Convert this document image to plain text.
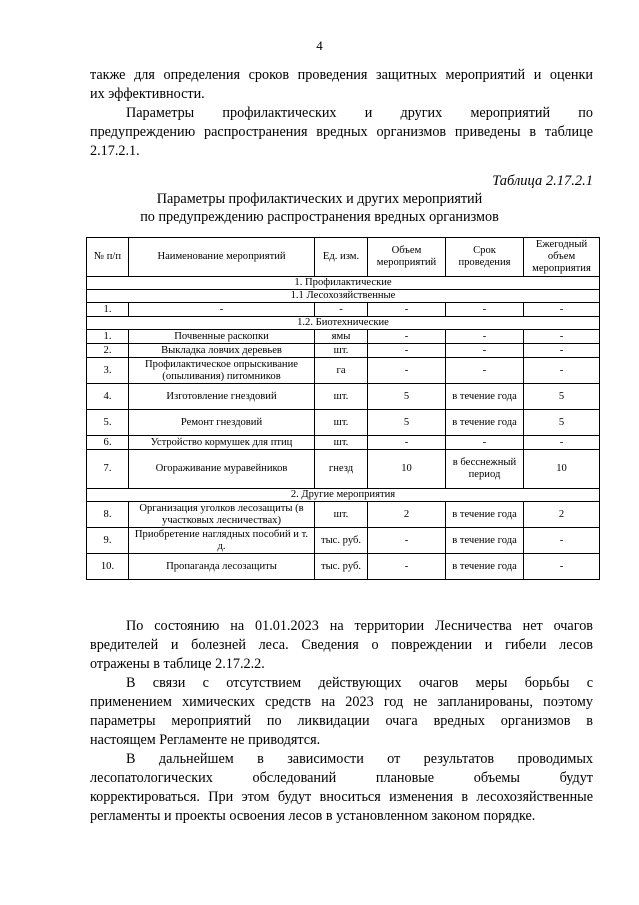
4
также для определения сроков проведения защитных мероприятий и оценки
их эффективности.
Параметры профилактических и других мероприятий по
предупреждению распространения вредных организмов приведены в таблице
2.17.2.1.
Таблица 2.17.2.1
Параметры профилактических и других мероприятий
по предупреждению распространения вредных организмов
№ п/п	Наименование мероприятий	Ед. изм.	Объем мероприятий	Срок проведения	Ежегодный объем мероприятия
1. Профилактические					
1.1 Лесохозяйственные					
1.	-	-	-	-	-
1.2. Биотехнические					
1.	Почвенные раскопки	ямы	-	-	-
2.	Выкладка ловчих деревьев	шт.	-	-	-
3.	Профилактическое опрыскивание (опыливания) питомников	га	-	-	-
4.	Изготовление гнездовий	шт.	5	в течение года	5
5.	Ремонт гнездовий	шт.	5	в течение года	5
6.	Устройство кормушек для птиц	шт.	-	-	-
7.	Огораживание муравейников	гнезд	10	в бесснежный период	10
2. Другие мероприятия					
8.	Организация уголков лесозащиты (в участковых лесничествах)	шт.	2	в течение года	2
9.	Приобретение наглядных пособий и т. д.	тыс. руб.	-	в течение года	-
10.	Пропаганда лесозащиты	тыс. руб.	-	в течение года	-
По состоянию на 01.01.2023 на территории Лесничества нет очагов
вредителей и болезней леса. Сведения о повреждении и гибели лесов
отражены в таблице 2.17.2.2.
В связи с отсутствием действующих очагов меры борьбы с
применением химических средств на 2023 год не запланированы, поэтому
параметры мероприятий по ликвидации очага вредных организмов в
настоящем Регламенте не приводятся.
В дальнейшем в зависимости от результатов проводимых
лесопатологических обследований плановые объемы будут
корректироваться. При этом будут вноситься изменения в лесохозяйственные
регламенты и проекты освоения лесов в установленном законом порядке.
